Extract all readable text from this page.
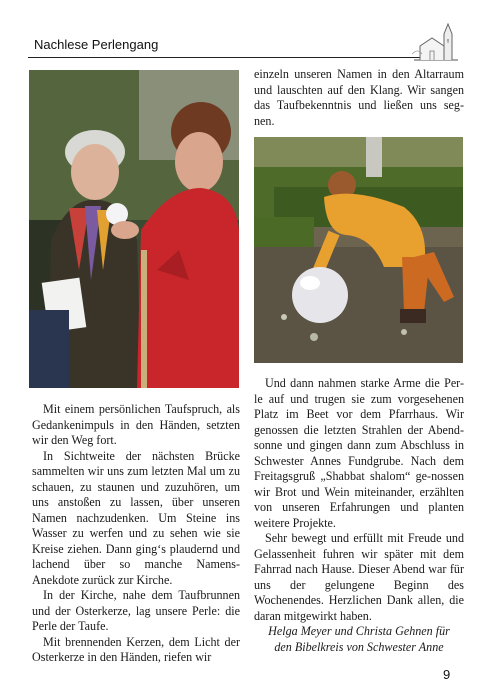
Nachlese Perlengang

einzeln unseren Namen in den Altarraum und lauschten auf den Klang. Wir sangen das Taufbekenntnis und ließen uns seg-nen.

Mit einem persönlichen Taufspruch, als Gedankenimpuls in den Händen, setzten wir den Weg fort.

In Sichtweite der nächsten Brücke sammelten wir uns zum letzten Mal um zu schauen, zu staunen und zuzuhören, um uns anstoßen zu lassen, über unseren Namen nachzudenken. Um Steine ins Wasser zu werfen und zu sehen wie sie Kreise ziehen. Dann ging‘s plaudernd und lachend über so manche Namens-Anekdote zurück zur Kirche.

In der Kirche, nahe dem Taufbrunnen und der Osterkerze, lag unsere Perle: die Perle der Taufe.

Mit brennenden Kerzen, dem Licht der Osterkerze in den Händen, riefen wir

Und dann nahmen starke Arme die Per-le auf und trugen sie zum vorgesehenen Platz im Beet vor dem Pfarrhaus. Wir genossen die letzten Strahlen der Abend-sonne und gingen dann zum Abschluss in Schwester Annes Fundgrube. Nach dem Freitagsgruß „Shabbat shalom“ ge-nossen wir Brot und Wein miteinander, erzählten von unseren Erfahrungen und planten weitere Projekte.

Sehr bewegt und erfüllt mit Freude und Gelassenheit fuhren wir später mit dem Fahrrad nach Hause. Dieser Abend war für uns der gelungene Beginn des Wochenendes. Herzlichen Dank allen, die daran mitgewirkt haben.

Helga Meyer und Christa Gehnen für

den Bibelkreis von Schwester Anne

9
